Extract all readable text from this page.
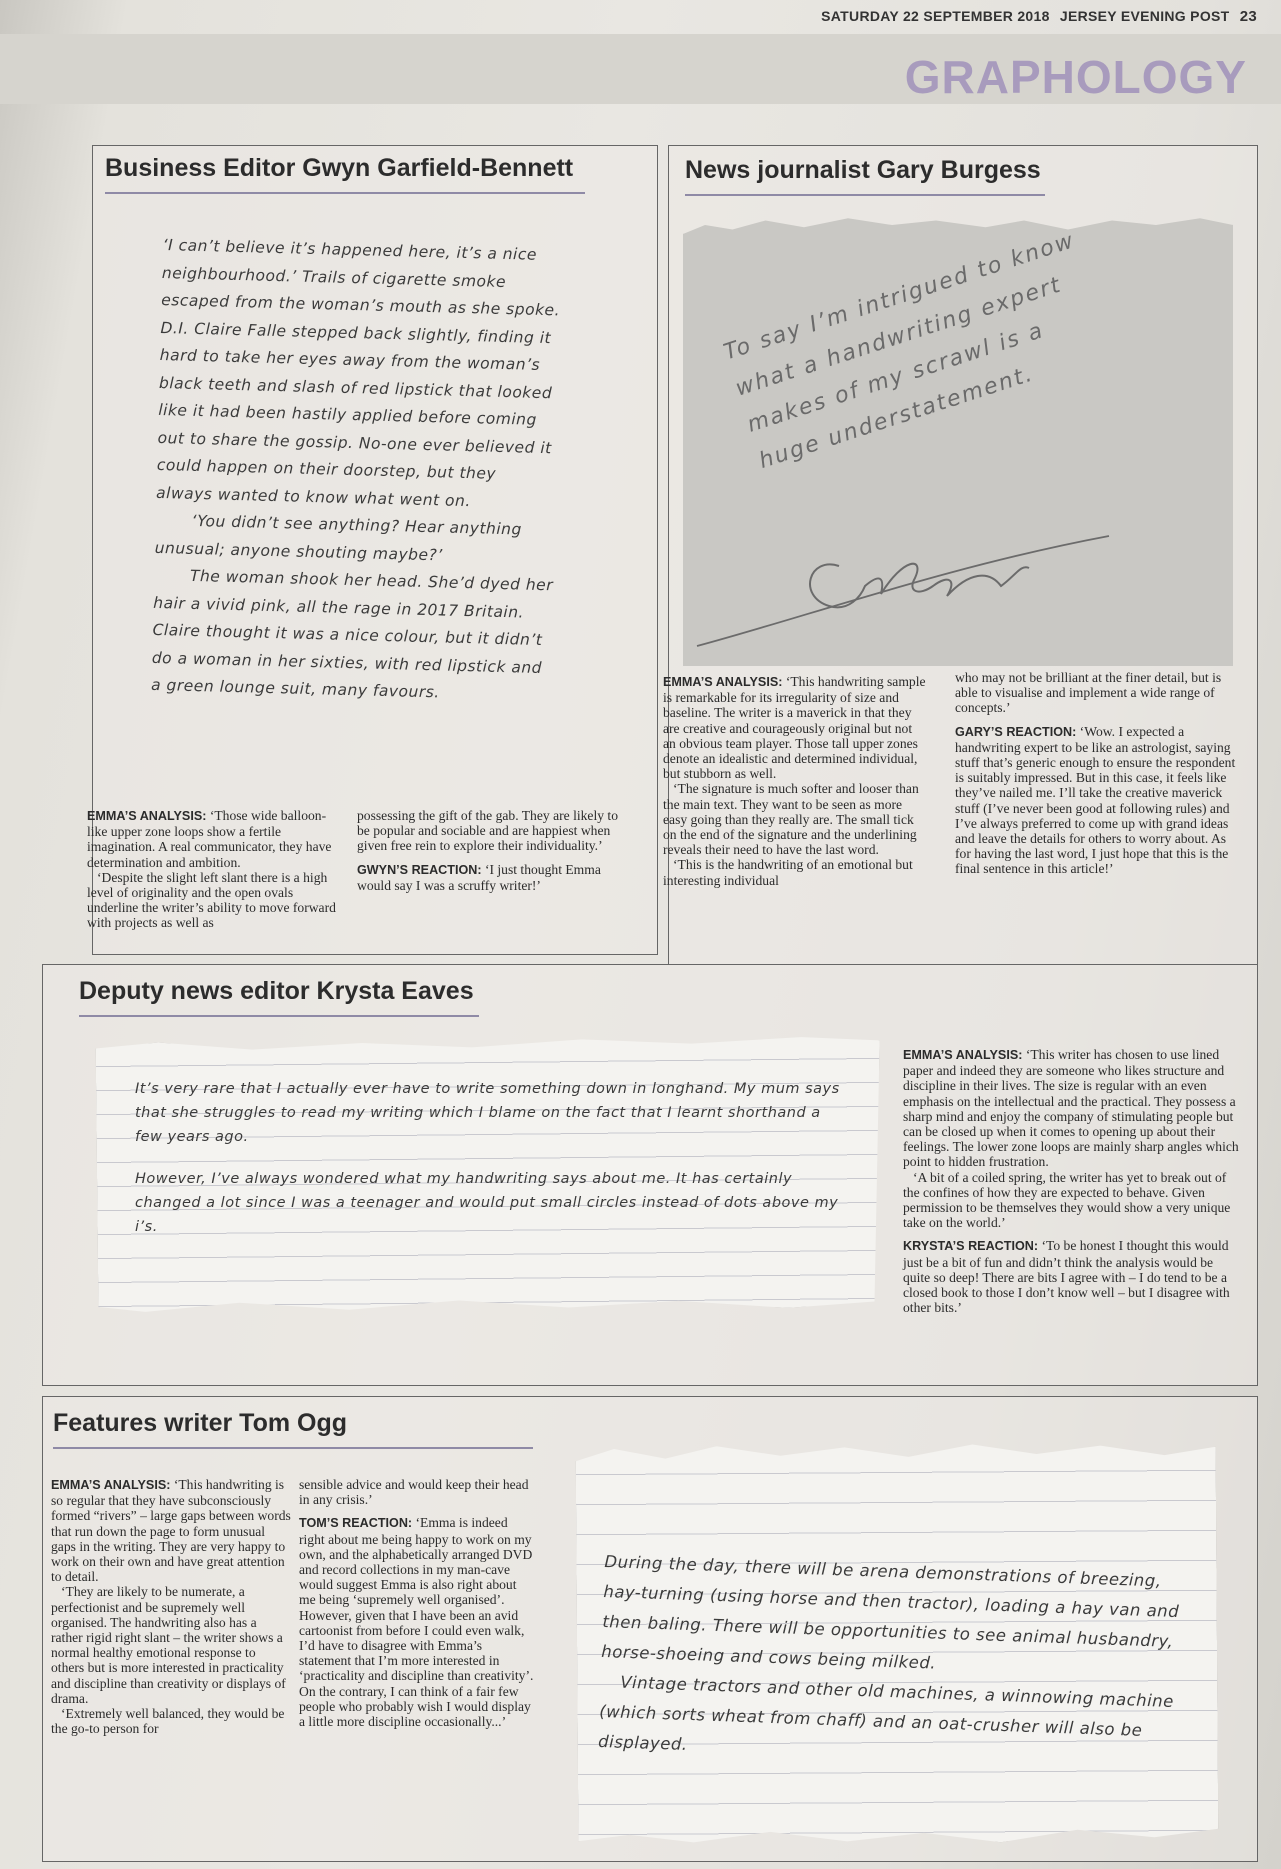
SATURDAY 22 SEPTEMBER 2018 JERSEY EVENING POST 23
GRAPHOLOGY
Business Editor Gwyn Garfield-Bennett

‘I can’t believe it’s happened here, it’s a nice neighbourhood.’ Trails of cigarette smoke escaped from the woman’s mouth as she spoke. D.I. Claire Falle stepped back slightly, finding it hard to take her eyes away from the woman’s black teeth and slash of red lipstick that looked like it had been hastily applied before coming out to share the gossip. No-one ever believed it could happen on their doorstep, but they always wanted to know what went on.

‘You didn’t see anything? Hear anything unusual; anyone shouting maybe?’

The woman shook her head. She’d dyed her hair a vivid pink, all the rage in 2017 Britain. Claire thought it was a nice colour, but it didn’t do a woman in her sixties, with red lipstick and a green lounge suit, many favours.

EMMA’S ANALYSIS: ‘Those wide balloon-like upper zone loops show a fertile imagination. A real communicator, they have determination and ambition.

‘Despite the slight left slant there is a high level of originality and the open ovals underline the writer’s ability to move forward with projects as well as

possessing the gift of the gab. They are likely to be popular and sociable and are happiest when given free rein to explore their individuality.’

GWYN’S REACTION: ‘I just thought Emma would say I was a scruffy writer!’

News journalist Gary Burgess
To say I’m intrigued to know what a handwriting expert makes of my scrawl is a huge understatement.

EMMA’S ANALYSIS: ‘This handwriting sample is remarkable for its irregularity of size and baseline. The writer is a maverick in that they are creative and courageously original but not an obvious team player. Those tall upper zones denote an idealistic and determined individual, but stubborn as well.

‘The signature is much softer and looser than the main text. They want to be seen as more easy going than they really are. The small tick on the end of the signature and the underlining reveals their need to have the last word.

‘This is the handwriting of an emotional but interesting individual

who may not be brilliant at the finer detail, but is able to visualise and implement a wide range of concepts.’

GARY’S REACTION: ‘Wow. I expected a handwriting expert to be like an astrologist, saying stuff that’s generic enough to ensure the respondent is suitably impressed. But in this case, it feels like they’ve nailed me. I’ll take the creative maverick stuff (I’ve never been good at following rules) and I’ve always preferred to come up with grand ideas and leave the details for others to worry about. As for having the last word, I just hope that this is the final sentence in this article!’

Deputy news editor Krysta Eaves

It’s very rare that I actually ever have to write something down in longhand. My mum says that she struggles to read my writing which I blame on the fact that I learnt shorthand a few years ago.

However, I’ve always wondered what my handwriting says about me. It has certainly changed a lot since I was a teenager and would put small circles instead of dots above my i’s.

EMMA’S ANALYSIS: ‘This writer has chosen to use lined paper and indeed they are someone who likes structure and discipline in their lives. The size is regular with an even emphasis on the intellectual and the practical. They possess a sharp mind and enjoy the company of stimulating people but can be closed up when it comes to opening up about their feelings. The lower zone loops are mainly sharp angles which point to hidden frustration.

‘A bit of a coiled spring, the writer has yet to break out of the confines of how they are expected to behave. Given permission to be themselves they would show a very unique take on the world.’

KRYSTA’S REACTION: ‘To be honest I thought this would just be a bit of fun and didn’t think the analysis would be quite so deep! There are bits I agree with – I do tend to be a closed book to those I don’t know well – but I disagree with other bits.’

Features writer Tom Ogg

EMMA’S ANALYSIS: ‘This handwriting is so regular that they have subconsciously formed “rivers” – large gaps between words that run down the page to form unusual gaps in the writing. They are very happy to work on their own and have great attention to detail.

‘They are likely to be numerate, a perfectionist and be supremely well organised. The handwriting also has a rather rigid right slant – the writer shows a normal healthy emotional response to others but is more interested in practicality and discipline than creativity or displays of drama.

‘Extremely well balanced, they would be the go-to person for

sensible advice and would keep their head in any crisis.’

TOM’S REACTION: ‘Emma is indeed right about me being happy to work on my own, and the alphabetically arranged DVD and record collections in my man-cave would suggest Emma is also right about me being ‘supremely well organised’. However, given that I have been an avid cartoonist from before I could even walk, I’d have to disagree with Emma’s statement that I’m more interested in ‘practicality and discipline than creativity’. On the contrary, I can think of a fair few people who probably wish I would display a little more discipline occasionally...’

During the day, there will be arena demonstrations of breezing, hay-turning (using horse and then tractor), loading a hay van and then baling. There will be opportunities to see animal husbandry, horse-shoeing and cows being milked.

Vintage tractors and other old machines, a winnowing machine (which sorts wheat from chaff) and an oat-crusher will also be displayed.
